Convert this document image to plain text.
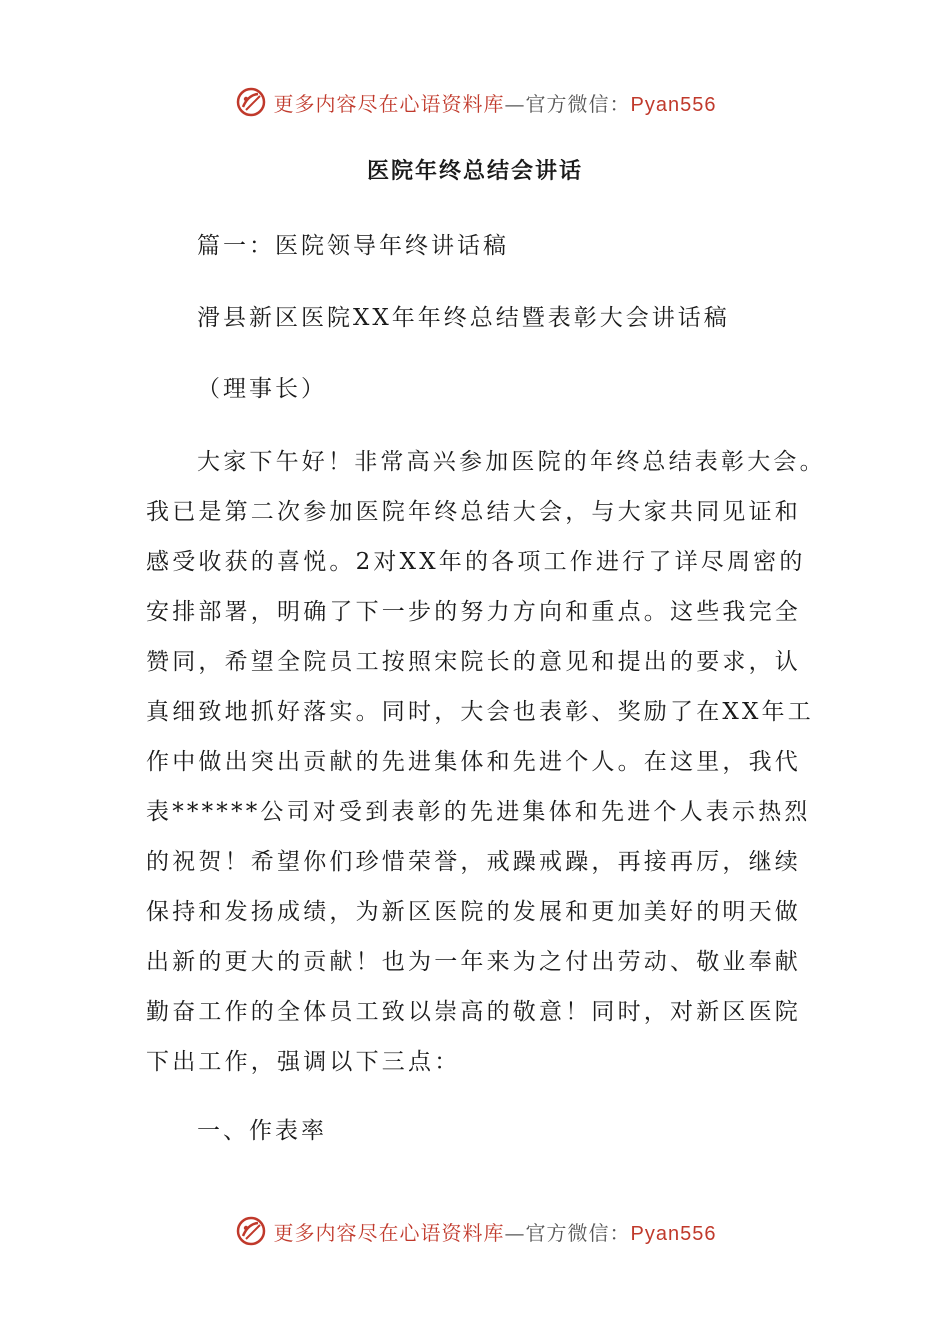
更多内容尽在心语资料库—官方微信：Pyan556
医院年终总结会讲话

篇一：医院领导年终讲话稿

滑县新区医院XX年年终总结暨表彰大会讲话稿

（理事长）

大家下午好！非常高兴参加医院的年终总结表彰大会。
我已是第二次参加医院年终总结大会，与大家共同见证和
感受收获的喜悦。2对XX年的各项工作进行了详尽周密的
安排部署，明确了下一步的努力方向和重点。这些我完全
赞同，希望全院员工按照宋院长的意见和提出的要求，认
真细致地抓好落实。同时，大会也表彰、奖励了在XX年工
作中做出突出贡献的先进集体和先进个人。在这里，我代
表******公司对受到表彰的先进集体和先进个人表示热烈
的祝贺！希望你们珍惜荣誉，戒躁戒躁，再接再厉，继续
保持和发扬成绩，为新区医院的发展和更加美好的明天做
出新的更大的贡献！也为一年来为之付出劳动、敬业奉献
勤奋工作的全体员工致以崇高的敬意！同时，对新区医院
下出工作，强调以下三点：

一、作表率

更多内容尽在心语资料库—官方微信：Pyan556
